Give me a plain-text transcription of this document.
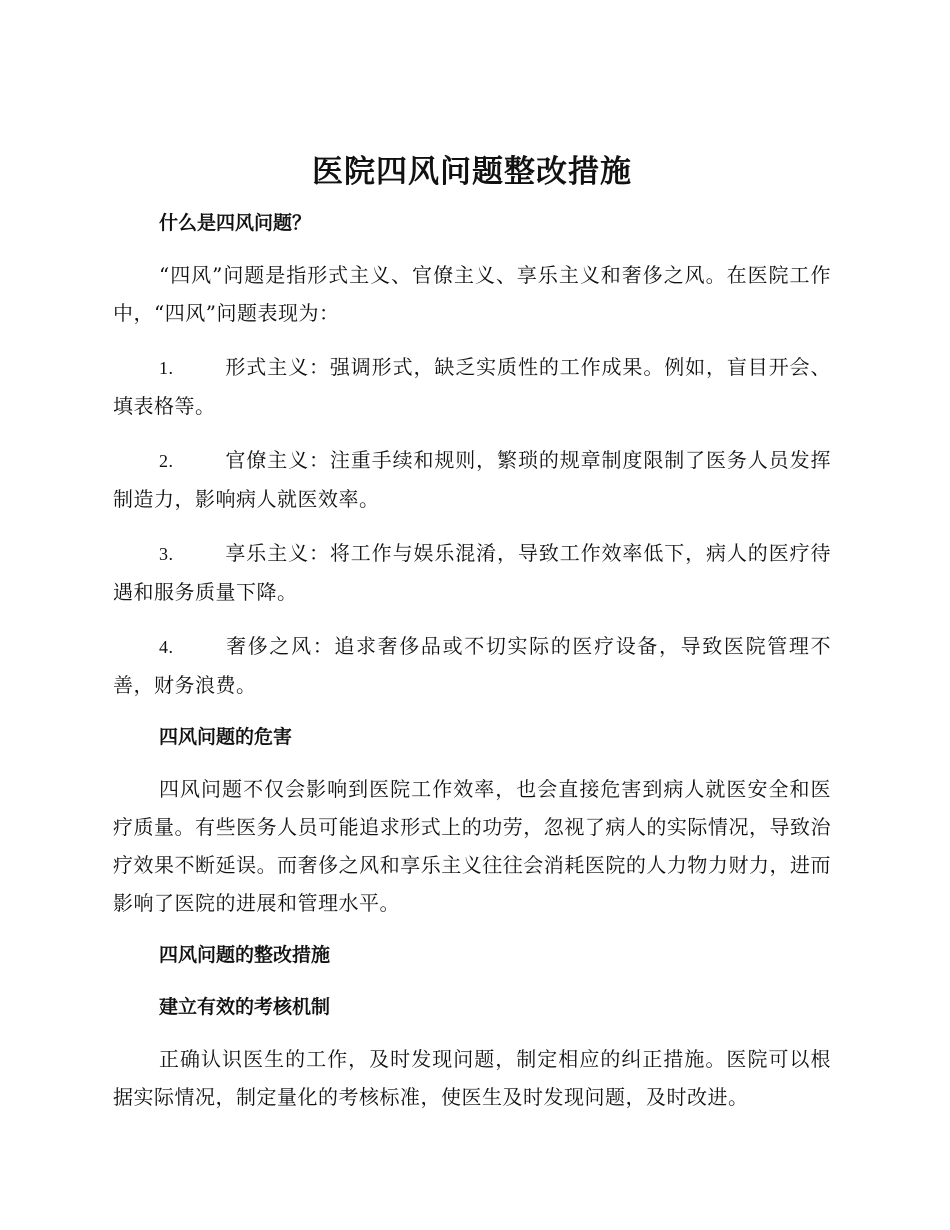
医院四风问题整改措施
什么是四风问题？

“四风”问题是指形式主义、官僚主义、享乐主义和奢侈之风。在医院工作中，“四风”问题表现为：

1.	形式主义：强调形式，缺乏实质性的工作成果。例如，盲目开会、填表格等。

2.	官僚主义：注重手续和规则，繁琐的规章制度限制了医务人员发挥制造力，影响病人就医效率。

3.	享乐主义：将工作与娱乐混淆，导致工作效率低下，病人的医疗待遇和服务质量下降。

4.	奢侈之风：追求奢侈品或不切实际的医疗设备，导致医院管理不善，财务浪费。

四风问题的危害

四风问题不仅会影响到医院工作效率，也会直接危害到病人就医安全和医疗质量。有些医务人员可能追求形式上的功劳，忽视了病人的实际情况，导致治疗效果不断延误。而奢侈之风和享乐主义往往会消耗医院的人力物力财力，进而影响了医院的进展和管理水平。

四风问题的整改措施
建立有效的考核机制

正确认识医生的工作，及时发现问题，制定相应的纠正措施。医院可以根据实际情况，制定量化的考核标准，使医生及时发现问题，及时改进。
